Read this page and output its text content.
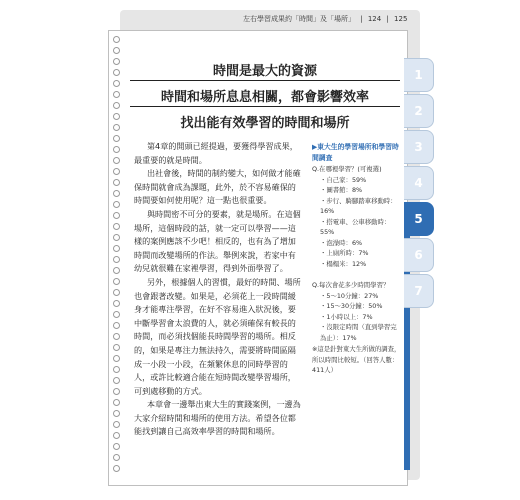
左右學習成果約「時間」及「場所」 | 124 | 125
1
2
3
4
5
6
7
時間是最大的資源
時間和場所息息相關，都會影響效率
找出能有效學習的時間和場所

第4章的開頭已經提過，要獲得學習成果，最重要的就是時間。

出社會後，時間的制約變大，如何做才能確保時間就會成為課題，此外，於不容易確保的時間要如何使用呢？這一點也很重要。

與時間密不可分的要素，就是場所。在這個場所，這個時段的話，就一定可以學習——這樣的案例應該不少吧！相反的，也有為了增加時間而改變場所的作法。舉例來說，若家中有幼兒就很難在家裡學習，得到外面學習了。

另外，根據個人的習慣，最好的時間、場所也會跟著改變。如果是，必須花上一段時間緩身才能專注學習，在好不容易進入狀況後，要中斷學習會太浪費的人，就必須確保有較長的時間，而必須找個能長時間學習的場所。相反的，如果是專注力無法持久，需要將時間區隔成一小段一小段，在頻繁休息的同時學習的人，或許比較適合能在短時間改變學習場所，可到處移動的方式。

本章會一邊舉出東大生的實踐案例，一邊為大家介紹時間和場所的使用方法。希望各位都能找到讓自己高效率學習的時間和場所。

▶東大生的學習場所和學習時間調查
Q.在哪裡學習？(可複選)
・自己家：59%
・圖書館：8%
・步行、騎腳踏車移動時：16%
・搭電車、公車移動時：55%
・泡澡時：6%
・上廁所時：7%
・榻榻米：12%
Q.每次會花多少時間學習？
・5～10分鐘：27%
・15～30分鐘：50%
・1小時以上：7%
・沒限定時間（直到學習完為止）：17%
※這是針對東大生所做的調查，所以時間比較短。（回答人數：411人）
